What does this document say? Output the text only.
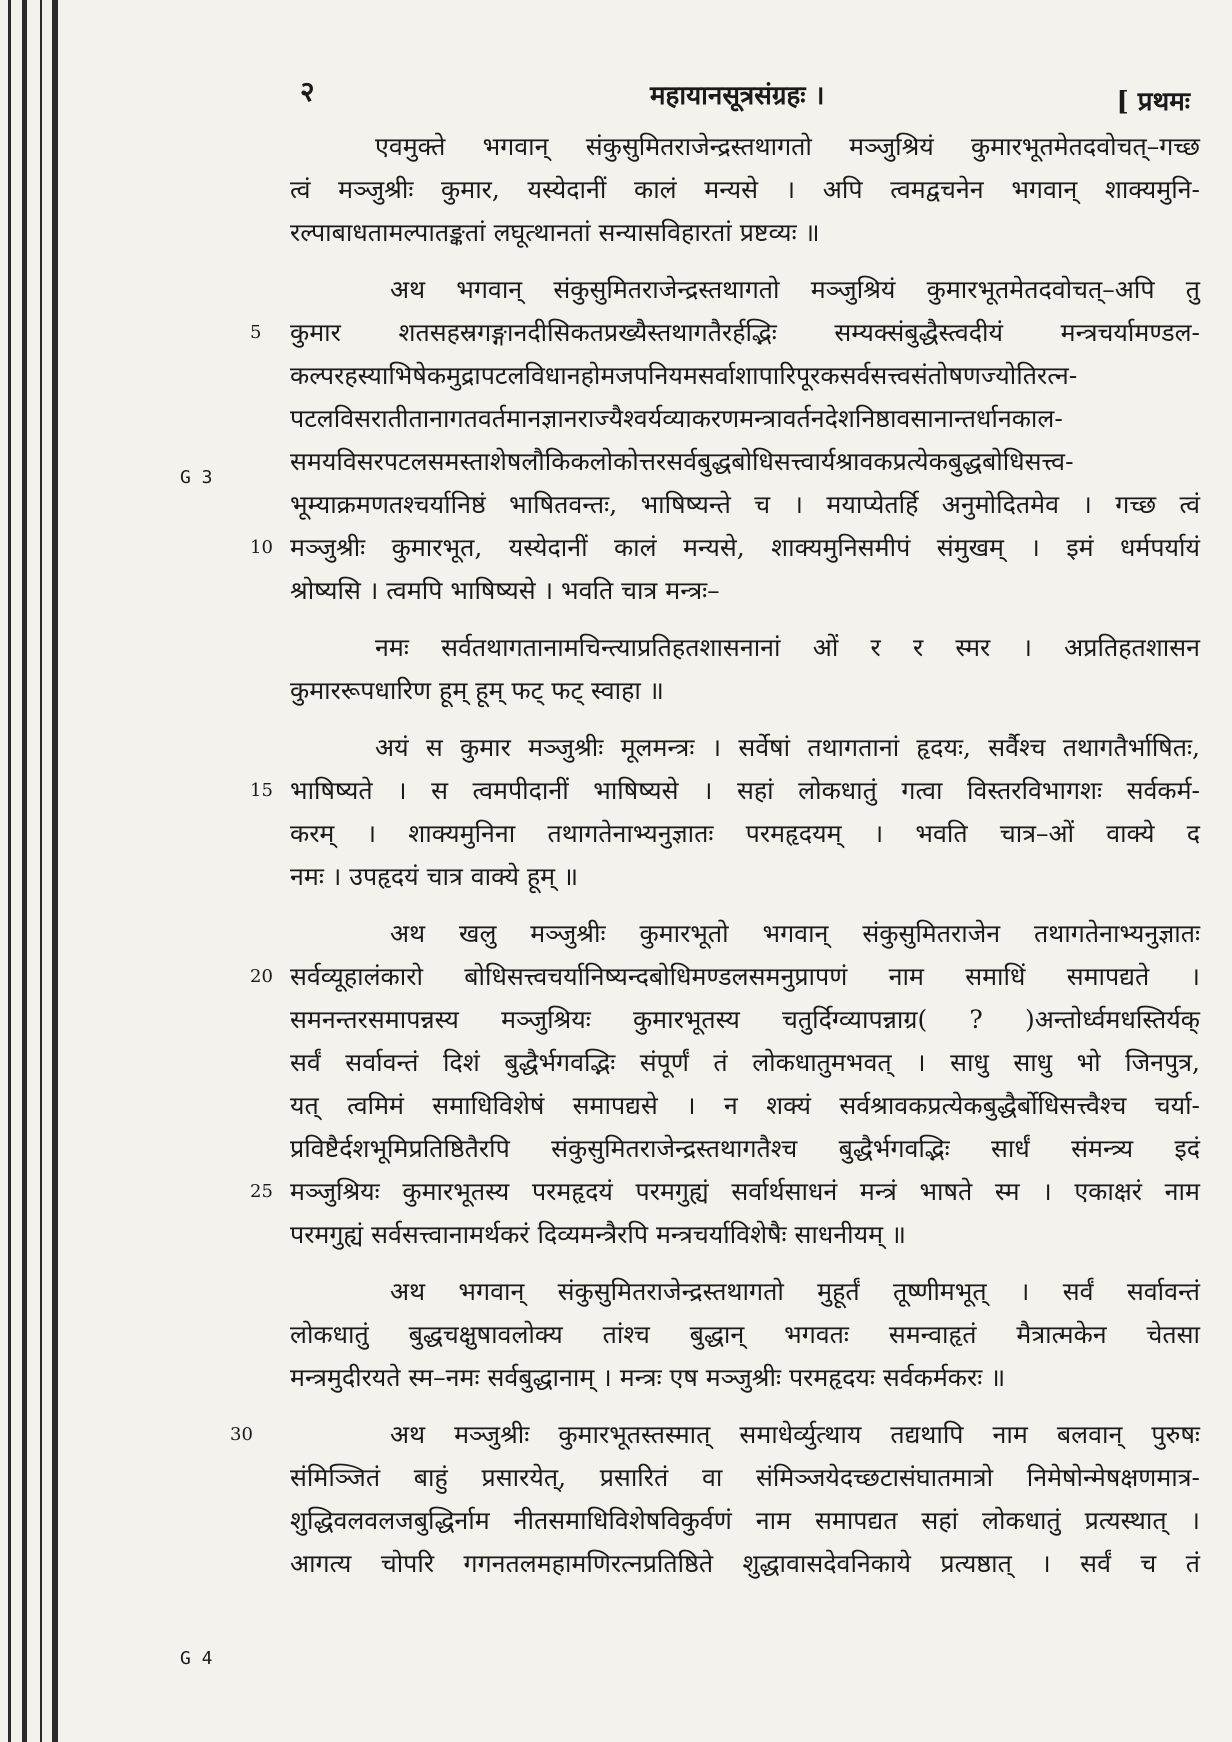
२	महायानसूत्रसंग्रहः ।	[ प्रथमः
G 3
G 4
एवमुक्ते भगवान् संकुसुमितराजेन्द्रस्तथागतो मञ्जुश्रियं कुमारभूतमेतदवोचत्–गच्छ
त्वं मञ्जुश्रीः कुमार, यस्येदानीं कालं मन्यसे । अपि त्वमद्वचनेन भगवान् शाक्यमुनि-
रल्पाबाधतामल्पातङ्कतां लघूत्थानतां सन्यासविहारतां प्रष्टव्यः ॥
अथ भगवान् संकुसुमितराजेन्द्रस्तथागतो मञ्जुश्रियं कुमारभूतमेतदवोचत्–अपि तु
5	कुमार शतसहस्रगङ्गानदीसिकतप्रख्यैस्तथागतैरर्हद्भिः सम्यक्संबुद्धैस्त्वदीयं मन्त्रचर्यामण्डल-
कल्परहस्याभिषेकमुद्रापटलविधानहोमजपनियमसर्वाशापारिपूरकसर्वसत्त्वसंतोषणज्योतिरत्न-
पटलविसरातीतानागतवर्तमानज्ञानराज्यैश्वर्यव्याकरणमन्त्रावर्तनदेशनिष्ठावसानान्तर्धानकाल-
समयविसरपटलसमस्ताशेषलौकिकलोकोत्तरसर्वबुद्धबोधिसत्त्वार्यश्रावकप्रत्येकबुद्धबोधिसत्त्व-
भूम्याक्रमणतश्चर्यानिष्ठं भाषितवन्तः, भाषिष्यन्ते च । मयाप्येतर्हि अनुमोदितमेव । गच्छ त्वं
10 मञ्जुश्रीः कुमारभूत, यस्येदानीं कालं मन्यसे, शाक्यमुनिसमीपं संमुखम् । इमं धर्मपर्यायं
श्रोष्यसि । त्वमपि भाषिष्यसे । भवति चात्र मन्त्रः–
नमः सर्वतथागतानामचिन्त्याप्रतिहतशासनानां ओं र र स्मर । अप्रतिहतशासन
कुमाररूपधारिण हूम् हूम् फट् फट् स्वाहा ॥
अयं स कुमार मञ्जुश्रीः मूलमन्त्रः । सर्वेषां तथागतानां हृदयः, सर्वैश्च तथागतैर्भाषितः,
15 भाषिष्यते । स त्वमपीदानीं भाषिष्यसे । सहां लोकधातुं गत्वा विस्तरविभागशः सर्वकर्म-
करम् । शाक्यमुनिना तथागतेनाभ्यनुज्ञातः परमहृदयम् । भवति चात्र–ओं वाक्ये द
नमः । उपहृदयं चात्र वाक्ये हूम् ॥
अथ खलु मञ्जुश्रीः कुमारभूतो भगवान् संकुसुमितराजेन तथागतेनाभ्यनुज्ञातः
20 सर्वव्यूहालंकारो बोधिसत्त्वचर्यानिष्यन्दबोधिमण्डलसमनुप्रापणं नाम समाधिं समापद्यते ।
समनन्तरसमापन्नस्य मञ्जुश्रियः कुमारभूतस्य चतुर्दिग्व्यापन्नाग्र( ? )अन्तोर्ध्वमधस्तिर्यक्
सर्वं सर्वावन्तं दिशं बुद्धैर्भगवद्भिः संपूर्णं तं लोकधातुमभवत् । साधु साधु भो जिनपुत्र,
यत् त्वमिमं समाधिविशेषं समापद्यसे । न शक्यं सर्वश्रावकप्रत्येकबुद्धैर्बोधिसत्त्वैश्च चर्या-
प्रविष्टैर्दशभूमिप्रतिष्ठितैरपि संकुसुमितराजेन्द्रस्तथागतैश्च बुद्धैर्भगवद्भिः सार्धं संमन्त्र्य इदं
25 मञ्जुश्रियः कुमारभूतस्य परमहृदयं परमगुह्यं सर्वार्थसाधनं मन्त्रं भाषते स्म । एकाक्षरं नाम
परमगुह्यं सर्वसत्त्वानामर्थकरं दिव्यमन्त्रैरपि मन्त्रचर्याविशेषैः साधनीयम् ॥
अथ भगवान् संकुसुमितराजेन्द्रस्तथागतो मुहूर्तं तूष्णीमभूत् । सर्वं सर्वावन्तं
लोकधातुं बुद्धचक्षुषावलोक्य तांश्च बुद्धान् भगवतः समन्वाहृतं मैत्रात्मकेन चेतसा
मन्त्रमुदीरयते स्म–नमः सर्वबुद्धानाम् । मन्त्रः एष मञ्जुश्रीः परमहृदयः सर्वकर्मकरः ॥
30	अथ मञ्जुश्रीः कुमारभूतस्तस्मात् समाधेर्व्युत्थाय तद्यथापि नाम बलवान् पुरुषः
संमिञ्जितं बाहुं प्रसारयेत्, प्रसारितं वा संमिञ्जयेदच्छटासंघातमात्रो निमेषोन्मेषक्षणमात्र-
शुद्धिवलवलजबुद्धिर्नाम नीतसमाधिविशेषविकुर्वणं नाम समापद्यत सहां लोकधातुं प्रत्यस्थात् ।
आगत्य चोपरि गगनतलमहामणिरत्नप्रतिष्ठिते शुद्धावासदेवनिकाये प्रत्यष्ठात् । सर्वं च तं
